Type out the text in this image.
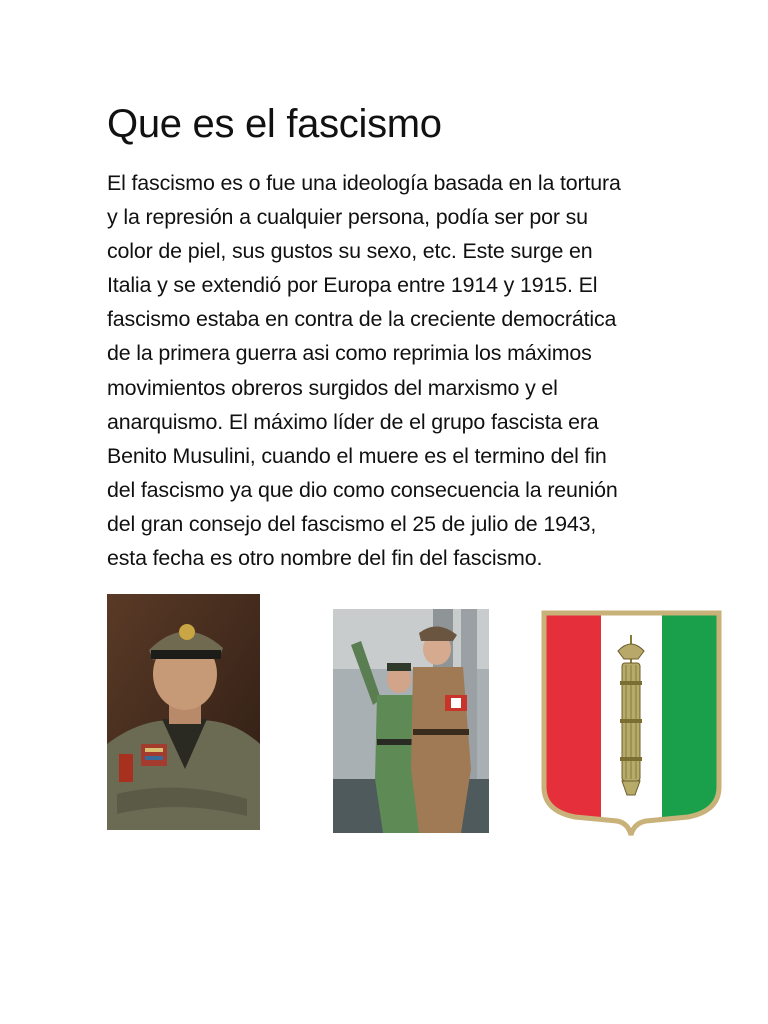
Que es el fascismo
El fascismo es o fue una ideología basada en la tortura
y la represión a cualquier persona, podía ser por su
color de piel, sus gustos su sexo, etc. Este surge en
Italia y se extendió por Europa entre 1914 y 1915. El
fascismo estaba en contra de la creciente democrática
de la primera guerra asi como reprimia los máximos
movimientos obreros surgidos del marxismo y el
anarquismo. El máximo líder de el grupo fascista era
Benito Musulini, cuando el muere es el termino del fin
del fascismo ya que dio como consecuencia la reunión
del gran consejo del fascismo el 25 de julio de 1943,
esta fecha es otro nombre del fin del fascismo.
